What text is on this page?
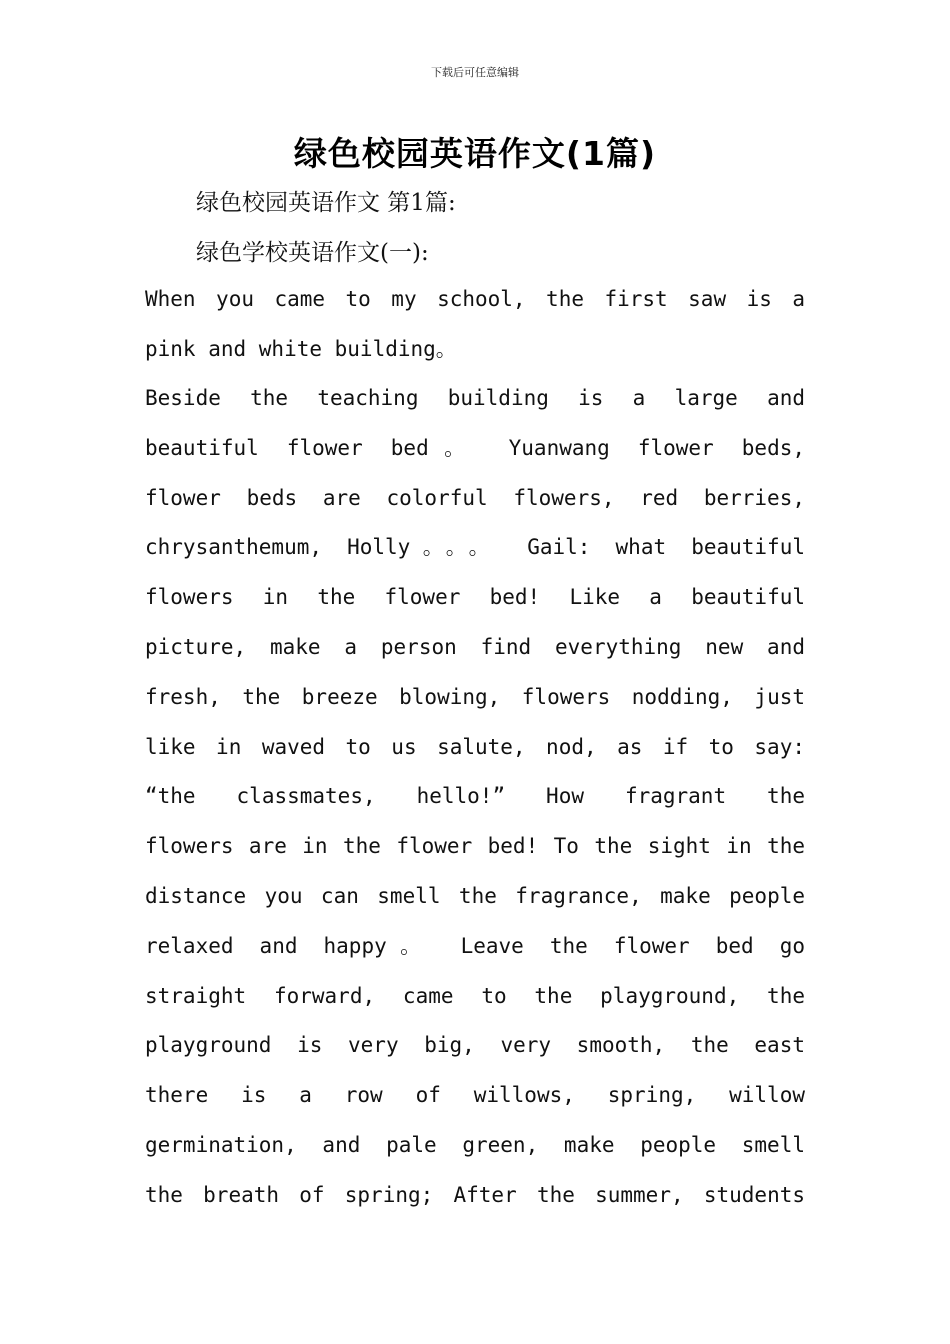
下载后可任意编辑
绿色校园英语作文(1篇)
绿色校园英语作文 第1篇:
绿色学校英语作文(一):
When you came to my school, the first saw is a
pink and white building。
Beside the teaching building is a large and
beautiful flower bed。 Yuanwang flower beds,
flower beds are colorful flowers, red berries,
chrysanthemum, Holly。。。 Gail: what beautiful
flowers in the flower bed! Like a beautiful
picture, make a person find everything new and
fresh, the breeze blowing, flowers nodding, just
like in waved to us salute, nod, as if to say:
“the classmates, hello!” How fragrant the
flowers are in the flower bed! To the sight in the
distance you can smell the fragrance, make people
relaxed and happy。 Leave the flower bed go
straight forward, came to the playground, the
playground is very big, very smooth, the east
there is a row of willows, spring, willow
germination, and pale green, make people smell
the breath of spring; After the summer, students
